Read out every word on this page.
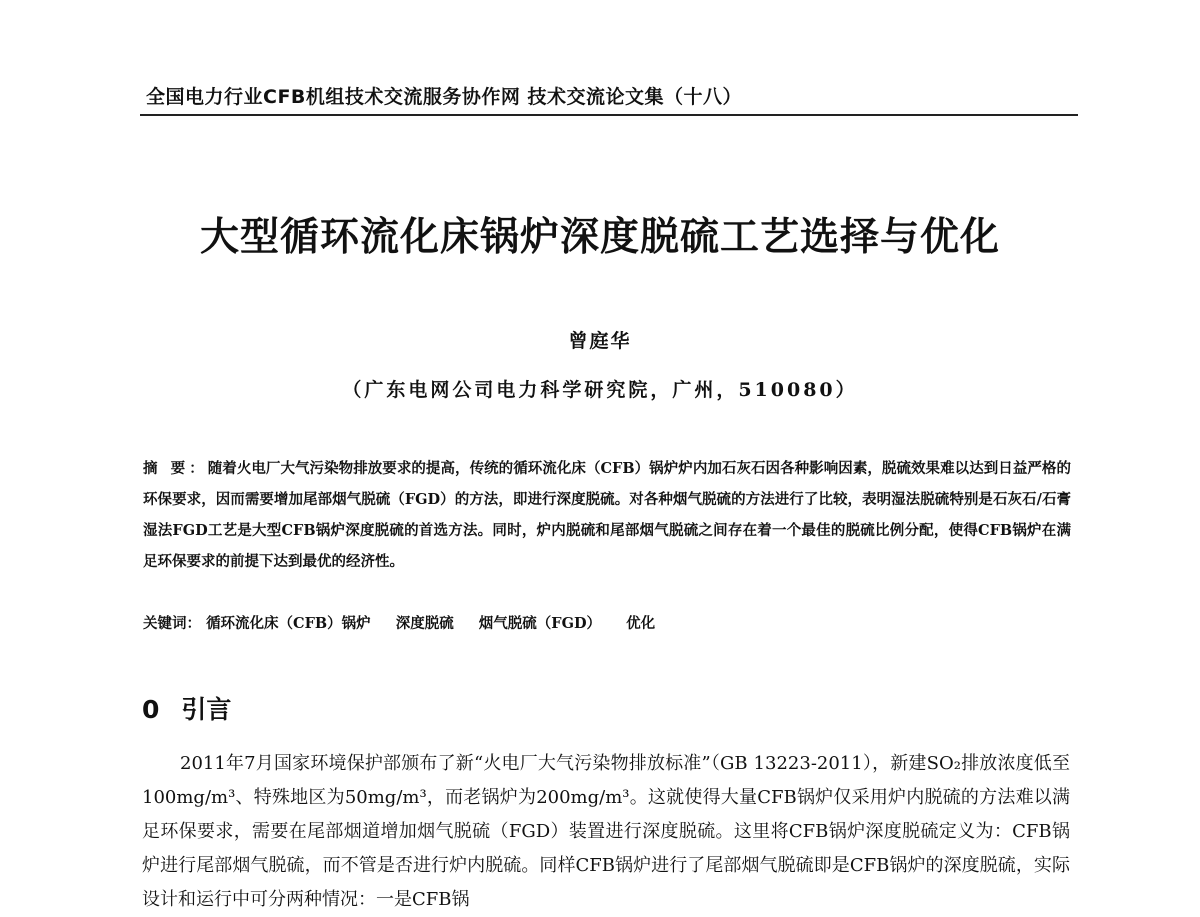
全国电力行业CFB机组技术交流服务协作网 技术交流论文集（十八）
大型循环流化床锅炉深度脱硫工艺选择与优化
曾庭华
（广东电网公司电力科学研究院，广州，510080）
摘 要：随着火电厂大气污染物排放要求的提高，传统的循环流化床（CFB）锅炉炉内加石灰石因各种影响因素，脱硫效果难以达到日益严格的环保要求，因而需要增加尾部烟气脱硫（FGD）的方法，即进行深度脱硫。对各种烟气脱硫的方法进行了比较，表明湿法脱硫特别是石灰石/石膏湿法FGD工艺是大型CFB锅炉深度脱硫的首选方法。同时，炉内脱硫和尾部烟气脱硫之间存在着一个最佳的脱硫比例分配，使得CFB锅炉在满足环保要求的前提下达到最优的经济性。
关键词： 循环流化床（CFB）锅炉 深度脱硫 烟气脱硫（FGD） 优化
0 引言
2011年7月国家环境保护部颁布了新“火电厂大气污染物排放标准”（GB 13223-2011），新建SO₂排放浓度低至100mg/m³、特殊地区为50mg/m³，而老锅炉为200mg/m³。这就使得大量CFB锅炉仅采用炉内脱硫的方法难以满足环保要求，需要在尾部烟道增加烟气脱硫（FGD）装置进行深度脱硫。这里将CFB锅炉深度脱硫定义为：CFB锅炉进行尾部烟气脱硫，而不管是否进行炉内脱硫。同样CFB锅炉进行了尾部烟气脱硫即是CFB锅炉的深度脱硫，实际设计和运行中可分两种情况：一是CFB锅
